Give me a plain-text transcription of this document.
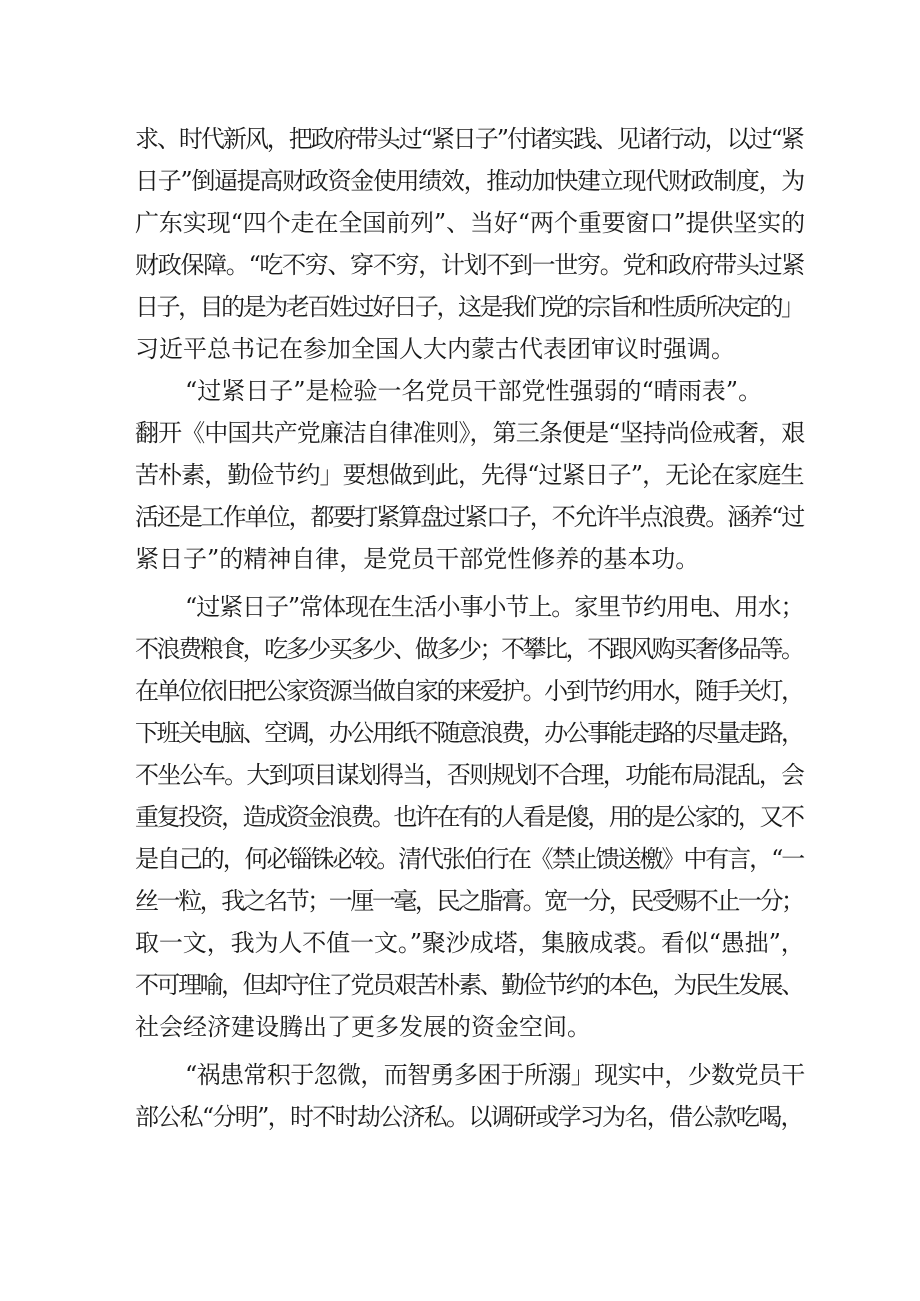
求、时代新风，把政府带头过“紧日子”付诸实践、见诸行动，以过“紧
日子”倒逼提高财政资金使用绩效，推动加快建立现代财政制度，为
广东实现“四个走在全国前列”、当好“两个重要窗口”提供坚实的
财政保障。“吃不穷、穿不穷，计划不到一世穷。党和政府带头过紧
日子，目的是为老百姓过好日子，这是我们党的宗旨和性质所决定的」
习近平总书记在参加全国人大内蒙古代表团审议时强调。
“过紧日子”是检验一名党员干部党性强弱的“晴雨表”。
翻开《中国共产党廉洁自律准则》，第三条便是“坚持尚俭戒奢，艰
苦朴素，勤俭节约」要想做到此，先得“过紧日子”，无论在家庭生
活还是工作单位，都要打紧算盘过紧口子，不允许半点浪费。涵养“过
紧日子”的精神自律，是党员干部党性修养的基本功。
“过紧日子”常体现在生活小事小节上。家里节约用电、用水；
不浪费粮食，吃多少买多少、做多少；不攀比，不跟风购买奢侈品等。
在单位依旧把公家资源当做自家的来爱护。小到节约用水，随手关灯，
下班关电脑、空调，办公用纸不随意浪费，办公事能走路的尽量走路，
不坐公车。大到项目谋划得当，否则规划不合理，功能布局混乱，会
重复投资，造成资金浪费。也许在有的人看是傻，用的是公家的，又不
是自己的，何必锱铢必较。清代张伯行在《禁止馈送檄》中有言，“一
丝一粒，我之名节；一厘一毫，民之脂膏。宽一分，民受赐不止一分；
取一文，我为人不值一文。”聚沙成塔，集腋成裘。看似“愚拙”，
不可理喻，但却守住了党员艰苦朴素、勤俭节约的本色，为民生发展、
社会经济建设腾出了更多发展的资金空间。
“祸患常积于忽微，而智勇多困于所溺」现实中，少数党员干
部公私“分明”，时不时劫公济私。以调研或学习为名，借公款吃喝，
